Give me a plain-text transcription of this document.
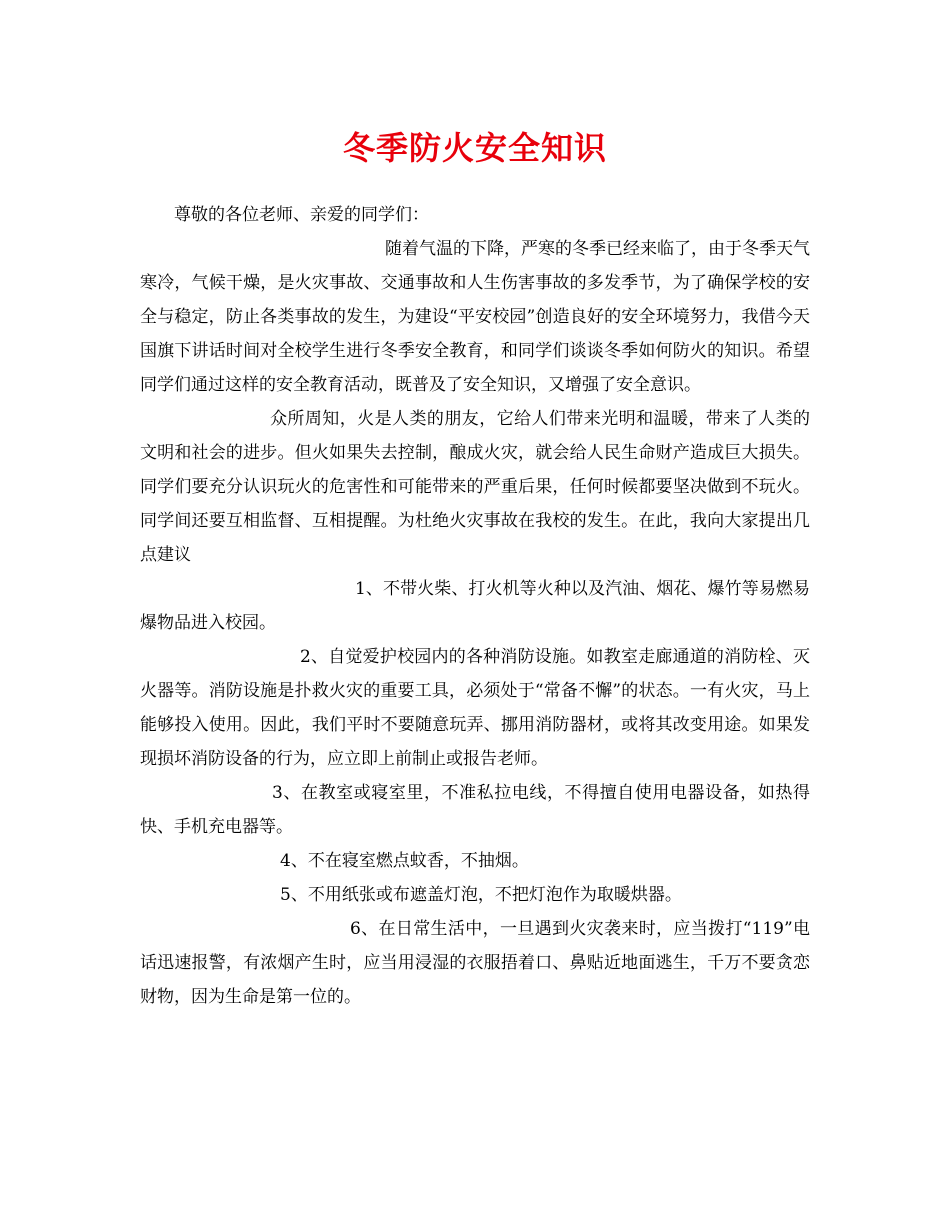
冬季防火安全知识

尊敬的各位老师、亲爱的同学们：

随着气温的下降，严寒的冬季已经来临了，由于冬季天气寒冷，气候干燥，是火灾事故、交通事故和人生伤害事故的多发季节，为了确保学校的安全与稳定，防止各类事故的发生，为建设“平安校园”创造良好的安全环境努力，我借今天国旗下讲话时间对全校学生进行冬季安全教育，和同学们谈谈冬季如何防火的知识。希望同学们通过这样的安全教育活动，既普及了安全知识，又增强了安全意识。

众所周知，火是人类的朋友，它给人们带来光明和温暖，带来了人类的文明和社会的进步。但火如果失去控制，酿成火灾，就会给人民生命财产造成巨大损失。同学们要充分认识玩火的危害性和可能带来的严重后果，任何时候都要坚决做到不玩火。同学间还要互相监督、互相提醒。为杜绝火灾事故在我校的发生。在此，我向大家提出几点建议

1、不带火柴、打火机等火种以及汽油、烟花、爆竹等易燃易爆物品进入校园。

2、自觉爱护校园内的各种消防设施。如教室走廊通道的消防栓、灭火器等。消防设施是扑救火灾的重要工具，必须处于“常备不懈”的状态。一有火灾，马上能够投入使用。因此，我们平时不要随意玩弄、挪用消防器材，或将其改变用途。如果发现损坏消防设备的行为，应立即上前制止或报告老师。

3、在教室或寝室里，不准私拉电线，不得擅自使用电器设备，如热得快、手机充电器等。

4、不在寝室燃点蚊香，不抽烟。

5、不用纸张或布遮盖灯泡，不把灯泡作为取暖烘器。

6、在日常生活中，一旦遇到火灾袭来时，应当拨打“119”电话迅速报警，有浓烟产生时，应当用浸湿的衣服捂着口、鼻贴近地面逃生，千万不要贪恋财物，因为生命是第一位的。
